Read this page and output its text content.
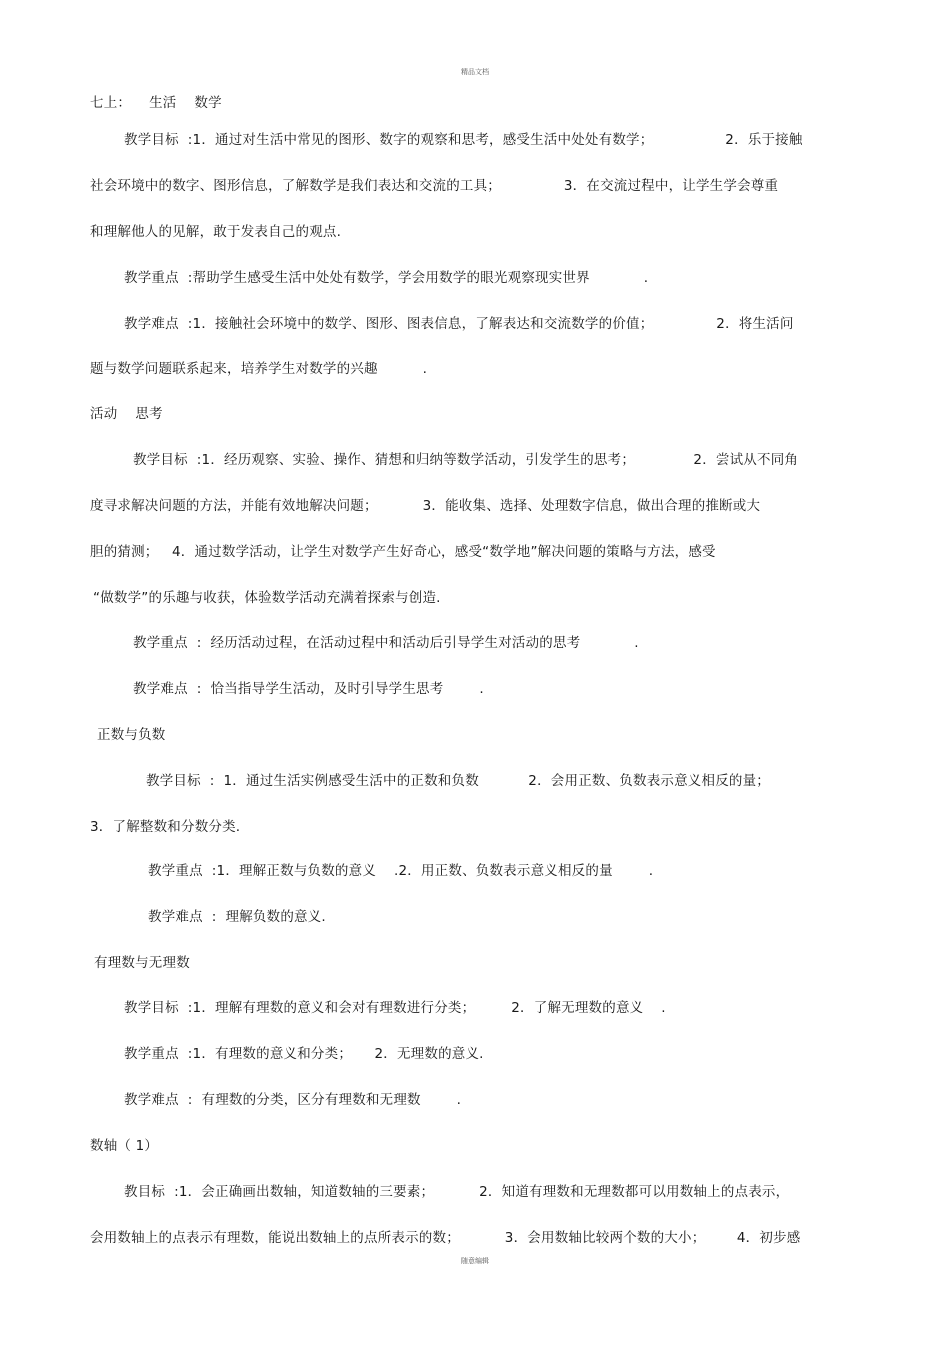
精品文档
七上：    生活    数学
教学目标  :1．通过对生活中常见的图形、数字的观察和思考，感受生活中处处有数学；                2．乐于接触
社会环境中的数字、图形信息，了解数学是我们表达和交流的工具；              3．在交流过程中，让学生学会尊重
和理解他人的见解，敢于发表自己的观点.
教学重点  :帮助学生感受生活中处处有数学，学会用数学的眼光观察现实世界            .
教学难点  :1．接触社会环境中的数学、图形、图表信息，了解表达和交流数学的价值；              2．将生活问
题与数学问题联系起来，培养学生对数学的兴趣          .
活动    思考
教学目标  :1．经历观察、实验、操作、猜想和归纳等数学活动，引发学生的思考；             2．尝试从不同角
度寻求解决问题的方法，并能有效地解决问题；          3．能收集、选择、处理数字信息，做出合理的推断或大
胆的猜测；   4．通过数学活动，让学生对数学产生好奇心，感受“数学地”解决问题的策略与方法，感受
“做数学”的乐趣与收获，体验数学活动充满着探索与创造.
教学重点  :  经历活动过程，在活动过程中和活动后引导学生对活动的思考            .
教学难点  :  恰当指导学生活动，及时引导学生思考        .
正数与负数
教学目标  :  1．通过生活实例感受生活中的正数和负数           2．会用正数、负数表示意义相反的量；
3．了解整数和分数分类.
教学重点  :1．理解正数与负数的意义    .2．用正数、负数表示意义相反的量        .
教学难点  :  理解负数的意义.
有理数与无理数
教学目标  :1．理解有理数的意义和会对有理数进行分类；        2．了解无理数的意义    .
教学重点  :1．有理数的意义和分类；     2．无理数的意义.
教学难点  :  有理数的分类，区分有理数和无理数        .
数轴（ 1）
教目标  :1．会正确画出数轴，知道数轴的三要素；          2．知道有理数和无理数都可以用数轴上的点表示，
会用数轴上的点表示有理数，能说出数轴上的点所表示的数；          3．会用数轴比较两个数的大小；       4．初步感
随意编辑
